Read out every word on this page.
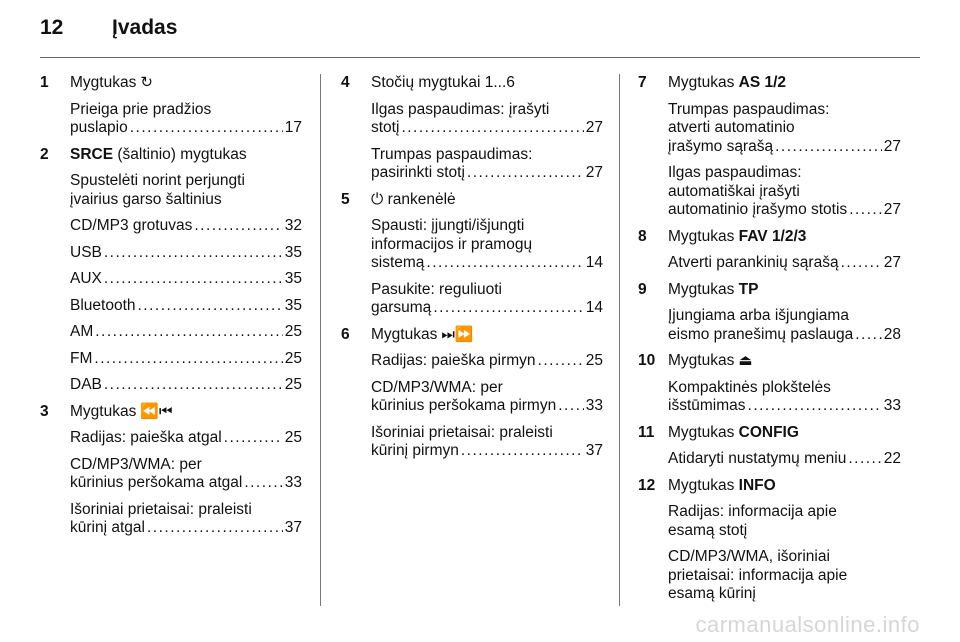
12	Įvadas
1	Mygtukas ↻

Prieiga prie pradžios
puslapio .....	17

2	SRCE (šaltinio) mygtukas

Spustelėti norint perjungti
įvairius garso šaltinius

CD/MP3 grotuvas .....	32

USB .....	35

AUX .....	35

Bluetooth .....	35

AM .....	25

FM .....	25

DAB .....	25

3	Mygtukas ⏪⏮

Radijas: paieška atgal .....	25

CD/MP3/WMA: per
kūrinius peršokama atgal .....	33

Išoriniai prietaisai: praleisti
kūrinį atgal .....	37

4	Stočių mygtukai 1...6

Ilgas paspaudimas: įrašyti
stotį .....	27

Trumpas paspaudimas:
pasirinkti stotį .....	27

5	⏻ rankenėlė

Spausti: įjungti/išjungti
informacijos ir pramogų
sistemą .....	14

Pasukite: reguliuoti
garsumą .....	14

6	Mygtukas ⏭⏩

Radijas: paieška pirmyn .....	25

CD/MP3/WMA: per
kūrinius peršokama pirmyn ..... 33

Išoriniai prietaisai: praleisti
kūrinį pirmyn .....	37

7	Mygtukas AS 1/2

Trumpas paspaudimas:
atverti automatinio
įrašymo sąrašą .....	27

Ilgas paspaudimas:
automatiškai įrašyti
automatinio įrašymo stotis ..... 27

8	Mygtukas FAV 1/2/3

Atverti parankinių sąrašą .....	27

9	Mygtukas TP

Įjungiama arba išjungiama
eismo pranešimų paslauga ..... 28

10 Mygtukas ⏏

Kompaktinės plokštelės
išstūmimas .....	33

11 Mygtukas CONFIG

Atidaryti nustatymų meniu ..... 22

12 Mygtukas INFO

Radijas: informacija apie
esamą stotį

CD/MP3/WMA, išoriniai
prietaisai: informacija apie
esamą kūrinį

carmanualsonline.info
